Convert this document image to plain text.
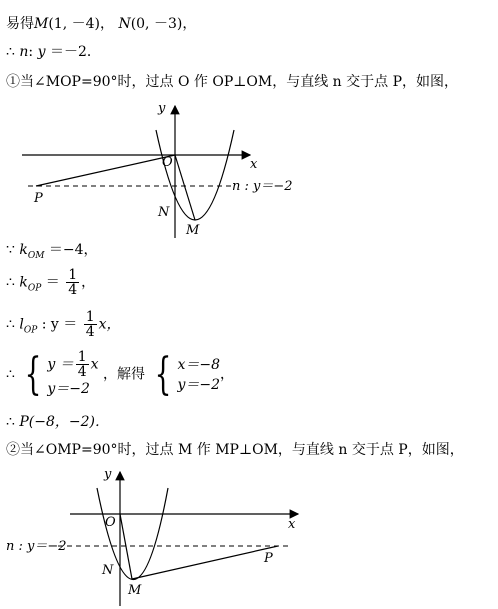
易得M(1, －4)， N(0, －3)，
∴ n: y ＝－2．
①当∠MOP=90°时，过点 O 作 OP⊥OM，与直线 n 交于点 P，如图，
y
x
O
P
N
M
n : y＝−2
∵ $k_{OM} =-4$，
∴ $k_{OP} = \frac{1}{4}$ ，
∴ $l_{OP}$ : $y = \frac{1}{4}$ x，
∴ { $y = \frac{1}{4}$ x
y＝−2
，解得 { x＝−8
y＝−2
，
∴ P(−8，−2)．
②当∠OMP=90°时，过点 M 作 MP⊥OM，与直线 n 交于点 P，如图，
y
x
O
P
N
M
n : y＝−2
